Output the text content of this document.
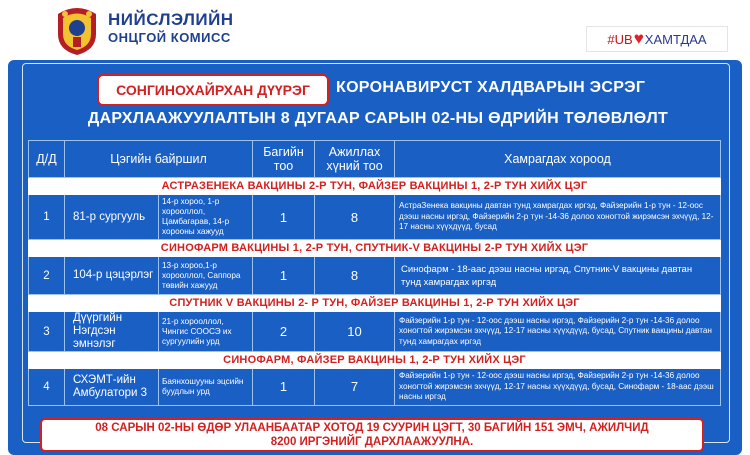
НИЙСЛЭЛИЙН
ОНЦГОЙ КОМИСС	#UB ♥ ХАМТДАА
СОНГИНОХАЙРХАН ДҮҮРЭГ	КОРОНАВИРУСТ ХАЛДВАРЫН ЭСРЭГ
ДАРХЛААЖУУЛАЛТЫН 8 ДУГААР САРЫН 02-НЫ ӨДРИЙН ТӨЛӨВЛӨЛТ
Д/Д	Цэгийн байршил		Багийн тоо	Ажиллах хүний тоо	Хамрагдах хороод
АСТРАЗЕНЕКА ВАКЦИНЫ 2-Р ТУН, ФАЙЗЕР ВАКЦИНЫ 1, 2-Р ТУН ХИЙХ ЦЭГ					
1	81-р сургууль	14-р хороо, 1-р хорооллол, Цамбагарав, 14-р хорооны хажууд	1	8	АстраЗенека вакцины давтан тунд хамрагдах иргэд, Файзерийн 1-р тун - 12-оос дээш насны иргэд, Файзерийн 2-р тун -14-36 долоо хоногтой жирэмсэн эхчүүд, 12-17 насны хүүхдүүд, бусад
СИНОФАРМ ВАКЦИНЫ 1, 2-Р ТУН, СПУТНИК-V ВАКЦИНЫ 2-Р ТУН ХИЙХ ЦЭГ					
2	104-р цэцэрлэг	13-р хороо,1-р хорооллол, Саппора төвийн хажууд	1	8	Синофарм - 18-аас дээш насны иргэд, Спутник-V вакцины давтан тунд хамрагдах иргэд
СПУТНИК V ВАКЦИНЫ 2- Р ТУН, ФАЙЗЕР ВАКЦИНЫ 1, 2-Р ТУН ХИЙХ ЦЭГ					
3	Дүүргийн Нэгдсэн эмнэлэг	21-р хорооллол, Чингис СООСЭ их сургуулийн урд	2	10	Файзерийн 1-р тун - 12-оос дээш насны иргэд, Файзерийн 2-р тун -14-36 долоо хоногтой жирэмсэн эхчүүд, 12-17 насны хүүхдүүд, бусад, Спутник вакцины давтан тунд хамрагдах иргэд
СИНОФАРМ, ФАЙЗЕР ВАКЦИНЫ 1, 2-Р ТУН ХИЙХ ЦЭГ					
4	СХЭМТ-ийн Амбулатори 3	Баянхошууны эцсийн буудлын урд	1	7	Файзерийн 1-р тун - 12-оос дээш насны иргэд, Файзерийн 2-р тун -14-36 долоо хоногтой жирэмсэн эхчүүд, 12-17 насны хүүхдүүд, бусад, Синофарм - 18-аас дээш насны иргэд
08 САРЫН 02-НЫ ӨДӨР УЛААНБААТАР ХОТОД 19 СУУРИН ЦЭГТ, 30 БАГИЙН 151 ЭМЧ, АЖИЛЧИД
8200 ИРГЭНИЙГ ДАРХЛААЖУУЛНА.
